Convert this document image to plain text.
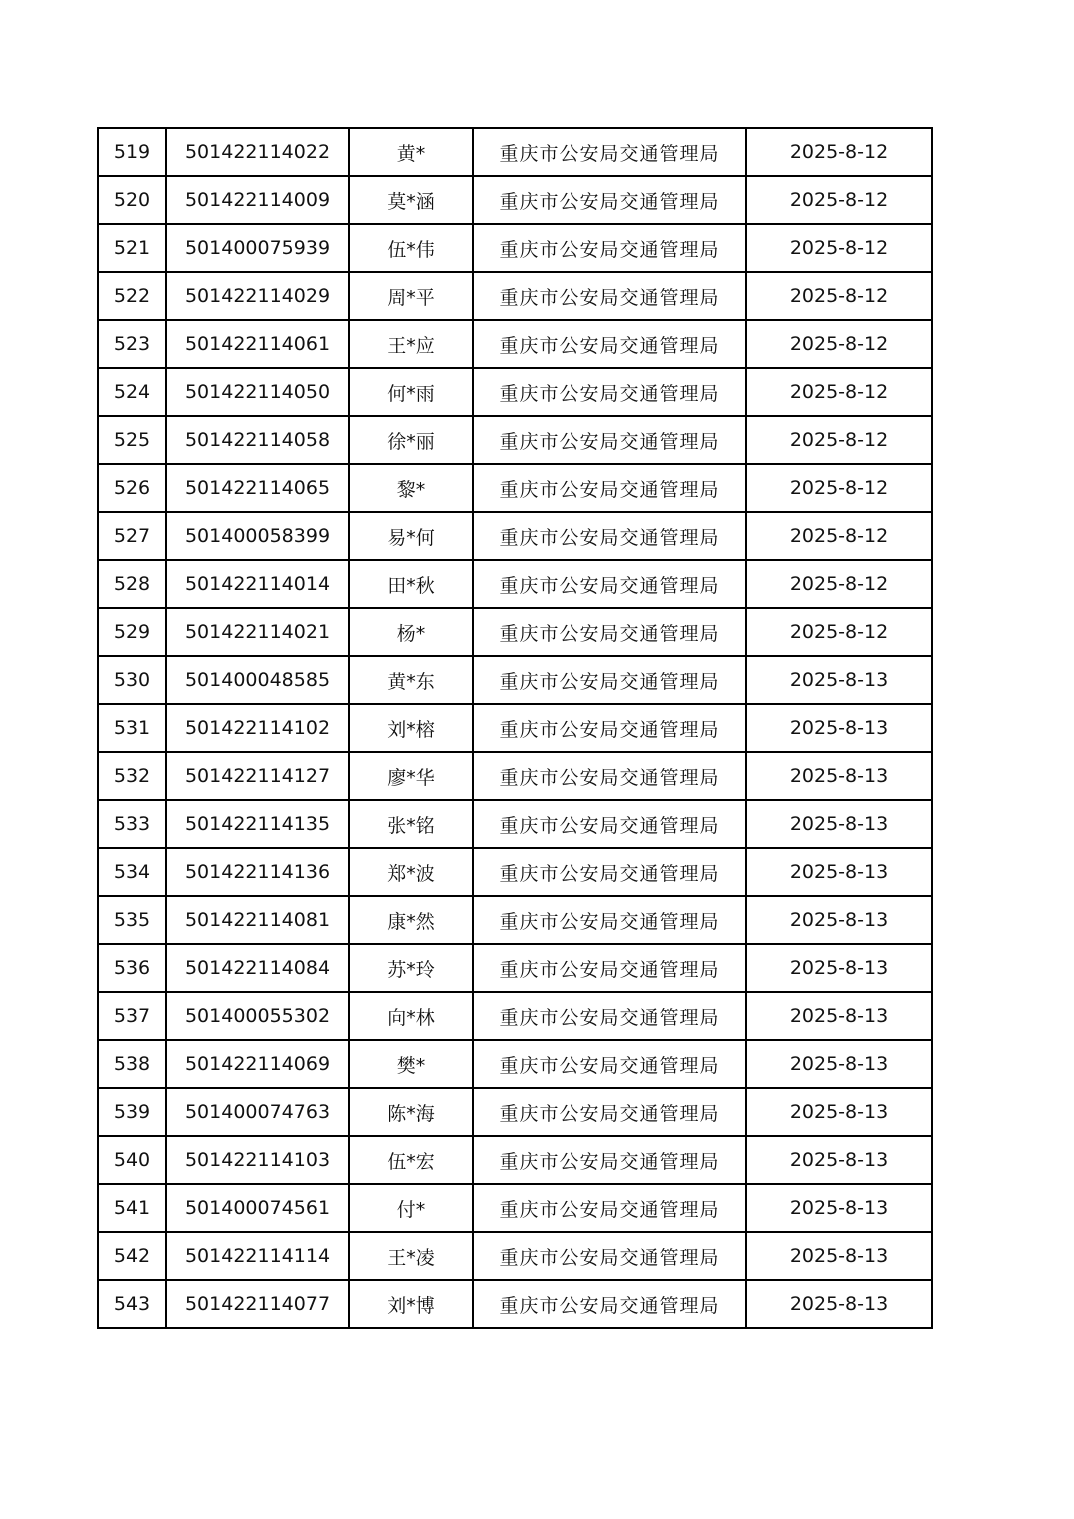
519	501422114022	黄*	重庆市公安局交通管理局	2025-8-12
520	501422114009	莫*涵	重庆市公安局交通管理局	2025-8-12
521	501400075939	伍*伟	重庆市公安局交通管理局	2025-8-12
522	501422114029	周*平	重庆市公安局交通管理局	2025-8-12
523	501422114061	王*应	重庆市公安局交通管理局	2025-8-12
524	501422114050	何*雨	重庆市公安局交通管理局	2025-8-12
525	501422114058	徐*丽	重庆市公安局交通管理局	2025-8-12
526	501422114065	黎*	重庆市公安局交通管理局	2025-8-12
527	501400058399	易*何	重庆市公安局交通管理局	2025-8-12
528	501422114014	田*秋	重庆市公安局交通管理局	2025-8-12
529	501422114021	杨*	重庆市公安局交通管理局	2025-8-12
530	501400048585	黄*东	重庆市公安局交通管理局	2025-8-13
531	501422114102	刘*榕	重庆市公安局交通管理局	2025-8-13
532	501422114127	廖*华	重庆市公安局交通管理局	2025-8-13
533	501422114135	张*铭	重庆市公安局交通管理局	2025-8-13
534	501422114136	郑*波	重庆市公安局交通管理局	2025-8-13
535	501422114081	康*然	重庆市公安局交通管理局	2025-8-13
536	501422114084	苏*玲	重庆市公安局交通管理局	2025-8-13
537	501400055302	向*林	重庆市公安局交通管理局	2025-8-13
538	501422114069	樊*	重庆市公安局交通管理局	2025-8-13
539	501400074763	陈*海	重庆市公安局交通管理局	2025-8-13
540	501422114103	伍*宏	重庆市公安局交通管理局	2025-8-13
541	501400074561	付*	重庆市公安局交通管理局	2025-8-13
542	501422114114	王*凌	重庆市公安局交通管理局	2025-8-13
543	501422114077	刘*博	重庆市公安局交通管理局	2025-8-13
